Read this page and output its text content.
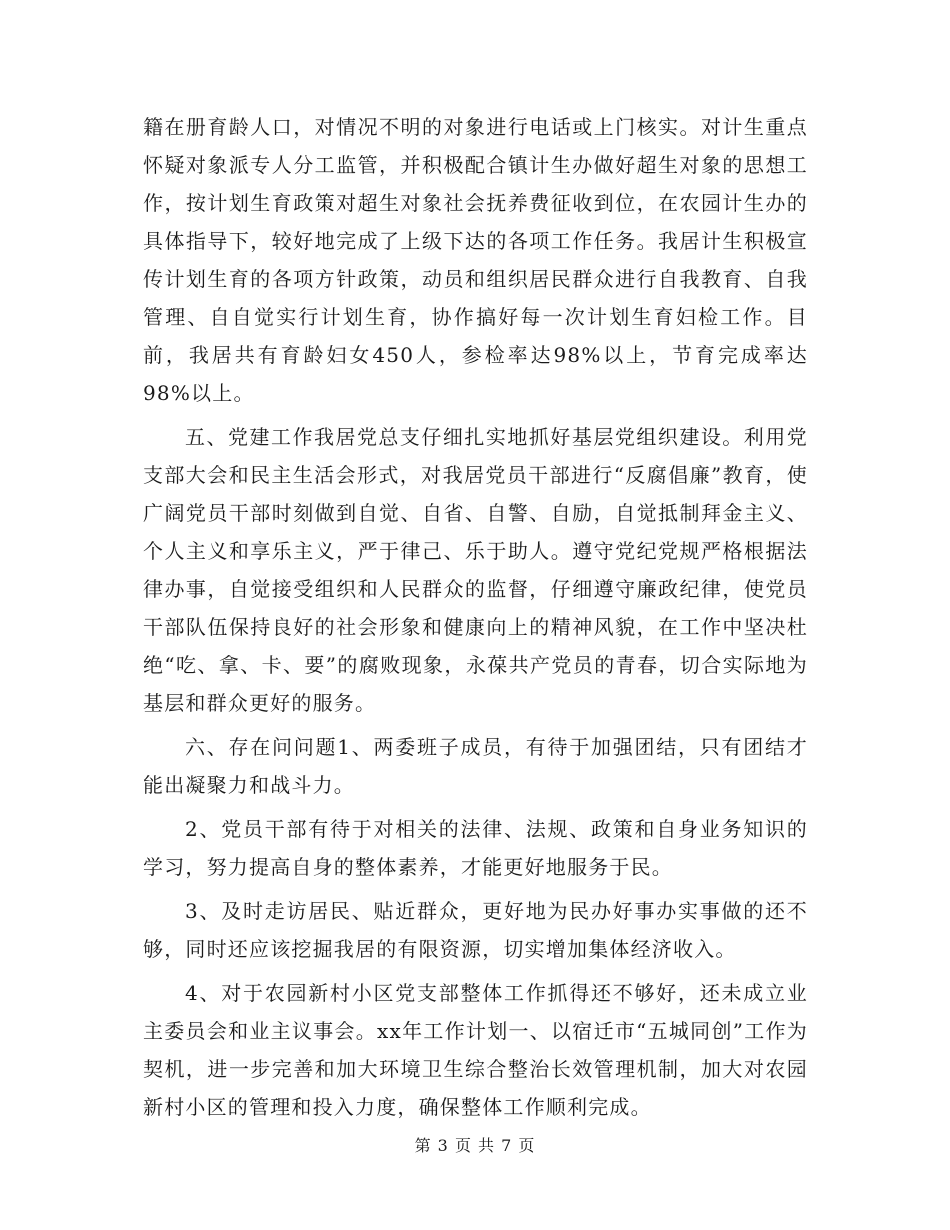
籍在册育龄人口，对情况不明的对象进行电话或上门核实。对计生重点怀疑对象派专人分工监管，并积极配合镇计生办做好超生对象的思想工作，按计划生育政策对超生对象社会抚养费征收到位，在农园计生办的具体指导下，较好地完成了上级下达的各项工作任务。我居计生积极宣传计划生育的各项方针政策，动员和组织居民群众进行自我教育、自我管理、自自觉实行计划生育，协作搞好每一次计划生育妇检工作。目前，我居共有育龄妇女450人，参检率达98%以上，节育完成率达98%以上。

五、党建工作我居党总支仔细扎实地抓好基层党组织建设。利用党支部大会和民主生活会形式，对我居党员干部进行“反腐倡廉”教育，使广阔党员干部时刻做到自觉、自省、自警、自励，自觉抵制拜金主义、个人主义和享乐主义，严于律己、乐于助人。遵守党纪党规严格根据法律办事，自觉接受组织和人民群众的监督，仔细遵守廉政纪律，使党员干部队伍保持良好的社会形象和健康向上的精神风貌，在工作中坚决杜绝“吃、拿、卡、要”的腐败现象，永葆共产党员的青春，切合实际地为基层和群众更好的服务。

六、存在问问题1、两委班子成员，有待于加强团结，只有团结才能出凝聚力和战斗力。

2、党员干部有待于对相关的法律、法规、政策和自身业务知识的学习，努力提高自身的整体素养，才能更好地服务于民。

3、及时走访居民、贴近群众，更好地为民办好事办实事做的还不够，同时还应该挖掘我居的有限资源，切实增加集体经济收入。

4、对于农园新村小区党支部整体工作抓得还不够好，还未成立业主委员会和业主议事会。xx年工作计划一、以宿迁市“五城同创”工作为契机，进一步完善和加大环境卫生综合整治长效管理机制，加大对农园新村小区的管理和投入力度，确保整体工作顺利完成。

第 3 页 共 7 页
